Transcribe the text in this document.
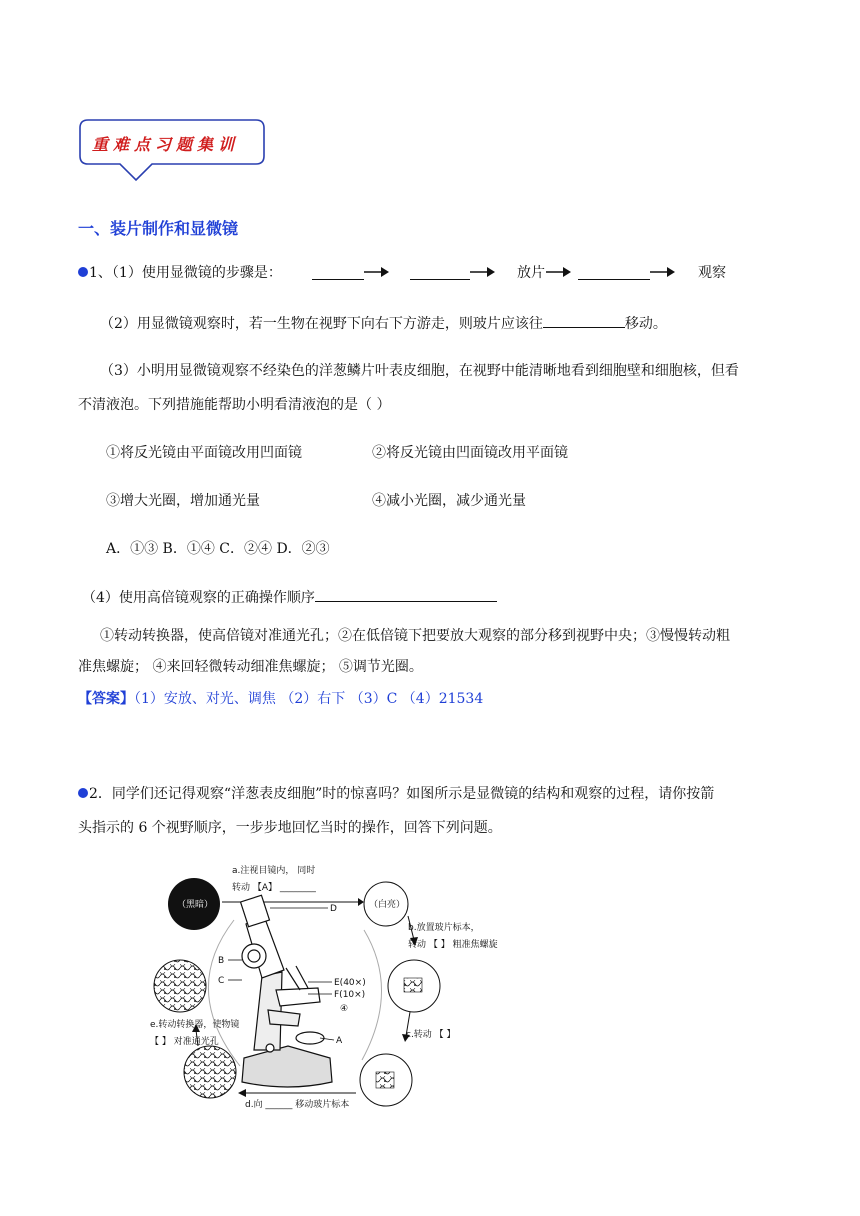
重难点习题集训
一、装片制作和显微镜
1、（1）使用显微镜的步骤是：	放片	观察
（2）用显微镜观察时，若一生物在视野下向右下方游走，则玻片应该往	移动。
（3）小明用显微镜观察不经染色的洋葱鳞片叶表皮细胞，在视野中能清晰地看到细胞壁和细胞核，但看
不清液泡。下列措施能帮助小明看清液泡的是（ ）
①将反光镜由平面镜改用凹面镜	②将反光镜由凹面镜改用平面镜
③增大光圈，增加通光量	④减小光圈，减少通光量
A．①③ B．①④ C．②④ D．②③
（4）使用高倍镜观察的正确操作顺序
①转动转换器，使高倍镜对准通光孔；②在低倍镜下把要放大观察的部分移到视野中央；③慢慢转动粗
准焦螺旋； ④来回轻微转动细准焦螺旋； ⑤调节光圈。
【答案】（1）安放、对光、调焦 （2）右下 （3）C （4）21534
2．同学们还记得观察“洋葱表皮细胞”时的惊喜吗？如图所示是显微镜的结构和观察的过程，请你按箭
头指示的 6 个视野顺序，一步步地回忆当时的操作，回答下列问题。
（黑暗）	（白亮）
a.注视目镜内， 同时
转动 【A】 ________
D
b.放置玻片标本，
转动 【 】 粗准焦螺旋
c.转动 【 】
d.向 ______ 移动玻片标本
e.转动转换器，使物镜
【 】 对准通光孔
B
C	E(40×)
F(10×)
④
A
